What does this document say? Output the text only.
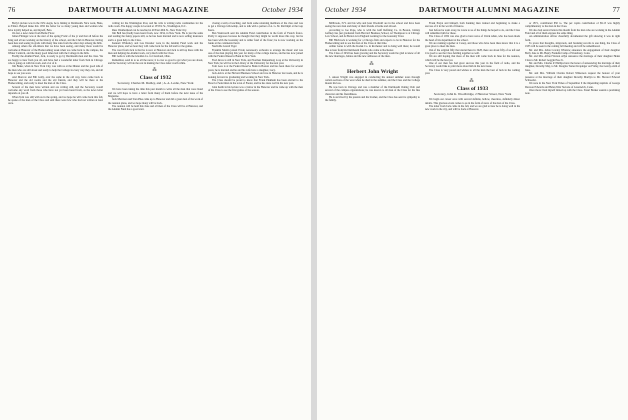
76	DARTMOUTH ALUMNI MAGAZINE	October 1934

Betty's picture was in the 1931 Aegis, he is fishing at Dartmouth. Nice work, Hens, as Editor. Helped make this 1932 the better for so many young men and women who have loyally helped us, and myself, Bets.

On last, a news letter from Bettie Flore:

Julien Fittinger was at the start of the spring Frolic of the yr and that all before the King and all are working on the history of the school, and the Club in Hanover, having been here and seeing its grads with many fine tales from the other days among the hills.

Among others the old-timers that we have been seeing, and many more would be welcome at Hanover of the Homecoming week when we come back to the campus, the Winter Carnival, and the many good times had with the College in the hills.

Freddy the Alumni Fund, Jack, is ready to go by Dartmouth men and the class. We are happy to hear from you all, and have had a wonderful letter from Tom in Chicago who is going on with his work, and a lot of it.

Jim Baker, when in New York City, was with us at the Dinner and the good talk of the men who are still about and ready to help the College in every way they can, and all hope to see you soon.

And Morrow and Bilt Gally, ever the same in the old way, have come back to Hanover and the old rooms and the old friends, and they will be there at the Homecoming, and ready to meet the men of the Class.

Several of the men have written and are writing still, and the Secretary would welcome any word from those who have not yet been heard from, as the news letter depends on you all.

When Tom was still with us in the spring, and we hope he will come back this fall, he spoke of the men of the Class and said there were few who had not written at least once.

writing for the Washington Post, and his wife is writing radio continuities for the radio work. The happy couple is located at 1333 K St., Washington, D.C.

Russ Weatherhead can be reached at 40 East 40th St., New York City.

Jim Bell has finally been heard from, now 1934, in New York. He is just the same and reading the funny papers still, as he has been married and is now selling insurance and is a great help to the Class.

Kennett Whitesley and Lou Dressler were in the Alumni Fund work and the Hanover plans, and we hear they will come back for the fall and for the games.

The word from Jack is that he is now at Hanover and Jack is still up there with the men and helping the Alumni work, very much with the Class.

Bill Gallo is with the Gladden Co. in Cleveland, Ohio.

Remember, send in to us all the news; it is ever so good to get what you are about, and the Secretary will do the rest in making the Class letter worth while.

⁂

Class of 1932

Secretary, Charles M. Dudley, and ; A. A. Leslie, New York

We have been taking the time this past month to write all the men that were listed and we will hope to have a letter from many of them before the next issue of the Magazine.

Jack Morrison and Stan Pike came up to Hanover and did a great deal of the work of the reunion plans, and we hope many will be back.

The reunion will be held this June and all men of the Class will be at Hanover, and the Alumni Fund has a good start.

closing a term of teaching, and from some returning members of the class and was to get a Chicago fellowship, and to talk with a partner of A. G. M. Perrimpil at the Gap Kests.

Ben Wentworth sent his Alumni Fund contribution in the form of French francs. Partly it supposes because he thought that they might be worth more this way, but he has been with the Guaranty and is rather fond of the franc; he is now working on the banks at the continental level.

Nashville Gravel Tiger

Franklin Martin joined Erwin Aaronson's orchestra to arrange the music and was one of the men playing this year for many of the college dances, and he has now joined with the Federal Reserve Bank in New York.

Fred Alves is still in New York, and Norman Dannenburg is up at the University in New York; he will be in the Library of the University for the next year.

Tom Lees is at the Federal Reserve Bank in Boston and has been there for several years; he is married and he and his wife have a daughter, Lucy.

Jack Ash is at the Harvard Business School and was in Hanover last week, and he is looking forward to graduating and working in New York.

The Class should be proud to know that Frank Pinkham has been elected to the Board of Selectmen in the town of Exeter, and he has done well in his new post.

John Keith in his lecture was a visitor in the Hanover and he came up with the men of the Class to see the first games of the season.

October 1934	DARTMOUTH ALUMNI MAGAZINE	77

Millbrook, N.Y. and his wife and Jean Woodruff are in the school and have been seeing the new men and many of their friends at home and abroad.

According to Joe Pope, who is with the Gulf Refining Co. in Boston, Johnny Gaffney has just graduated from Harvard Business School, Al Thompson is at Chicago Law School, and Al Berton is in England working for the Guaranty Trust.

Bill Hitchcock is working for a Chicago firm and expects to be in Hanover for the Homecoming and to see the men of the Class at that time.

Arthur Gates is with the Kodak Co. in Rochester and is doing well there; he would like to hear from his Dartmouth friends who come to Rochester.

The Class of 1932 has been growing and the Secretary would be glad to know of all the new marriages, babies and the new addresses of the men.

⁂

Herbert John Wright

J. Anson Wright was engaged in conducting his annual summer tours through certain sections of the west when he died in the summer, and the Class and the College mourn his loss.

He was born in Chicago and was a member of the Dartmouth Outing Club and several of the campus organizations; he was known to all men of the Class for his fine character and his friendliness.

He is survived by his parents and his brother, and the Class has sent its sympathy to the family.

Frank Pruyn and himself, both banking men trained and beginning to make a success of it in the world of finance.

Just before he went away, he wrote to us of the things he hoped to do, and the Class will remember him for these.

The Class of 1932 was also glad to have news of Chick Allen, who has been made the head of his department at the school.

We are running together at Coney, and those who have been there know that it is a great place to meet the men.

Out of the original fifty that started here in 1928, there are about fifty of us left and it is good to see the Class holding together so well.

We are still hoping that more of the men will come back in June for the reunion, which will be the best yet.

One of our men has had great success this year in the field of radio, and the Secretary would like to print more about him in the next issue.

The Class is very proud and wishes to all the men the best of luck in the coming year.

⁂

Class of 1933

Secretary, John K. Woodbridge, 2 Hanover Street, New York

We begin our career once with several definite, bellow, cheerless, definitely minor details. This glorious event comes to us in the form of news of the men of the Class.

The letter from Jack came in the fall, and we are glad to hear he is doing well in his new work in the city, and will be back at Hanover.

or 1871, contributed $50 to. The per capita contribution of $9.15 was highly complimentary to the men in the Class.

We also had several letters this month from the men who are working in the Alumni Fund and all of them express the same thing.

An administration officer cheerfully documented the gift showing it was in right form.

To prove that thoughts, shipwreck, and breaking records is one thing, the Class of 1933 will be seen in the coming fall meeting and will be remembered.

Mr. and Mrs. Allan Cowley Winslow announce the engagement of their daughter Betty Jane to Mr. Henry Franklin Camp of Waterbury, Conn.

Mr. and Mrs. Alfred Warren Allyn announce the marriage of their daughter Helen Clara to Mr. Robert Goggin Esse Jr.

Mr. and Mrs. Charles P. Phillips have the honor of announcing the marriage of their daughter, Dorothy May, to Mr. Douglas Turner Krapinger on Friday, the twenty-sixth of June.

Mr. and Mrs. William Charles Robert Wilkerson request the honour of your presence at the marriage of their daughter Dorothy Marilyn to Mr. Howard Edward Schroeder.

We note in the New York Times of September 9 the impending nuptials of George Dawson Edwards and Helen Weir Stevens of Greenwich, Conn.

Once more I had myself mixed up with the Class. Stuart Barker sounds a promising note.
